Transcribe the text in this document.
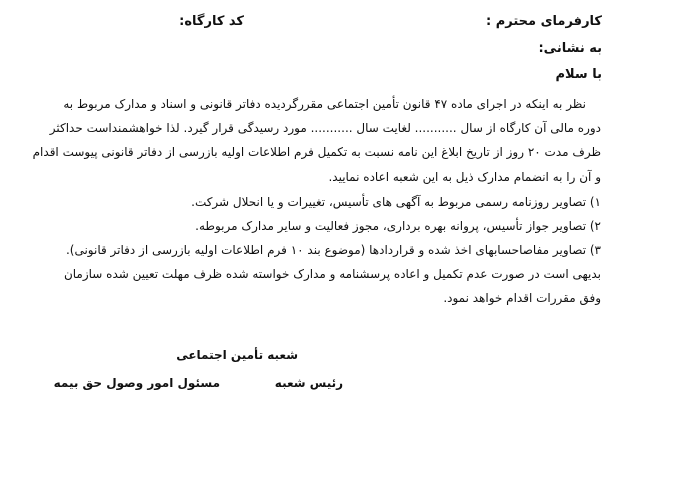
کارفرمای محترم :
کد کارگاه:
به نشانی:
با سلام
نظر به اینکه در اجرای ماده ۴۷ قانون تأمین اجتماعی مقررگردیده دفاتر قانونی و اسناد و مدارک مربوط به
دوره مالی آن کارگاه از سال ........... لغایت سال ........... مورد رسیدگی قرار گیرد. لذا خواهشمنداست حداکثر
ظرف مدت ۲۰ روز از تاریخ ابلاغ این نامه نسبت به تکمیل فرم اطلاعات اولیه بازرسی از دفاتر قانونی پیوست اقدام
و آن را به انضمام مدارک ذیل به این شعبه اعاده نمایید.
۱) تصاویر روزنامه رسمی مربوط به آگهی های تأسیس، تغییرات و یا انحلال شرکت.
۲) تصاویر جواز تأسیس، پروانه بهره برداری، مجوز فعالیت و سایر مدارک مربوطه.
۳) تصاویر مفاصاحسابهای اخذ شده و قراردادها (موضوع بند ۱۰ فرم اطلاعات اولیه بازرسی از دفاتر قانونی).
بدیهی است در صورت عدم تکمیل و اعاده پرسشنامه و مدارک خواسته شده ظرف مهلت تعیین شده سازمان
وفق مقررات اقدام خواهد نمود.
شعبه تأمین اجتماعی
رئیس شعبه
مسئول امور وصول حق بیمه
